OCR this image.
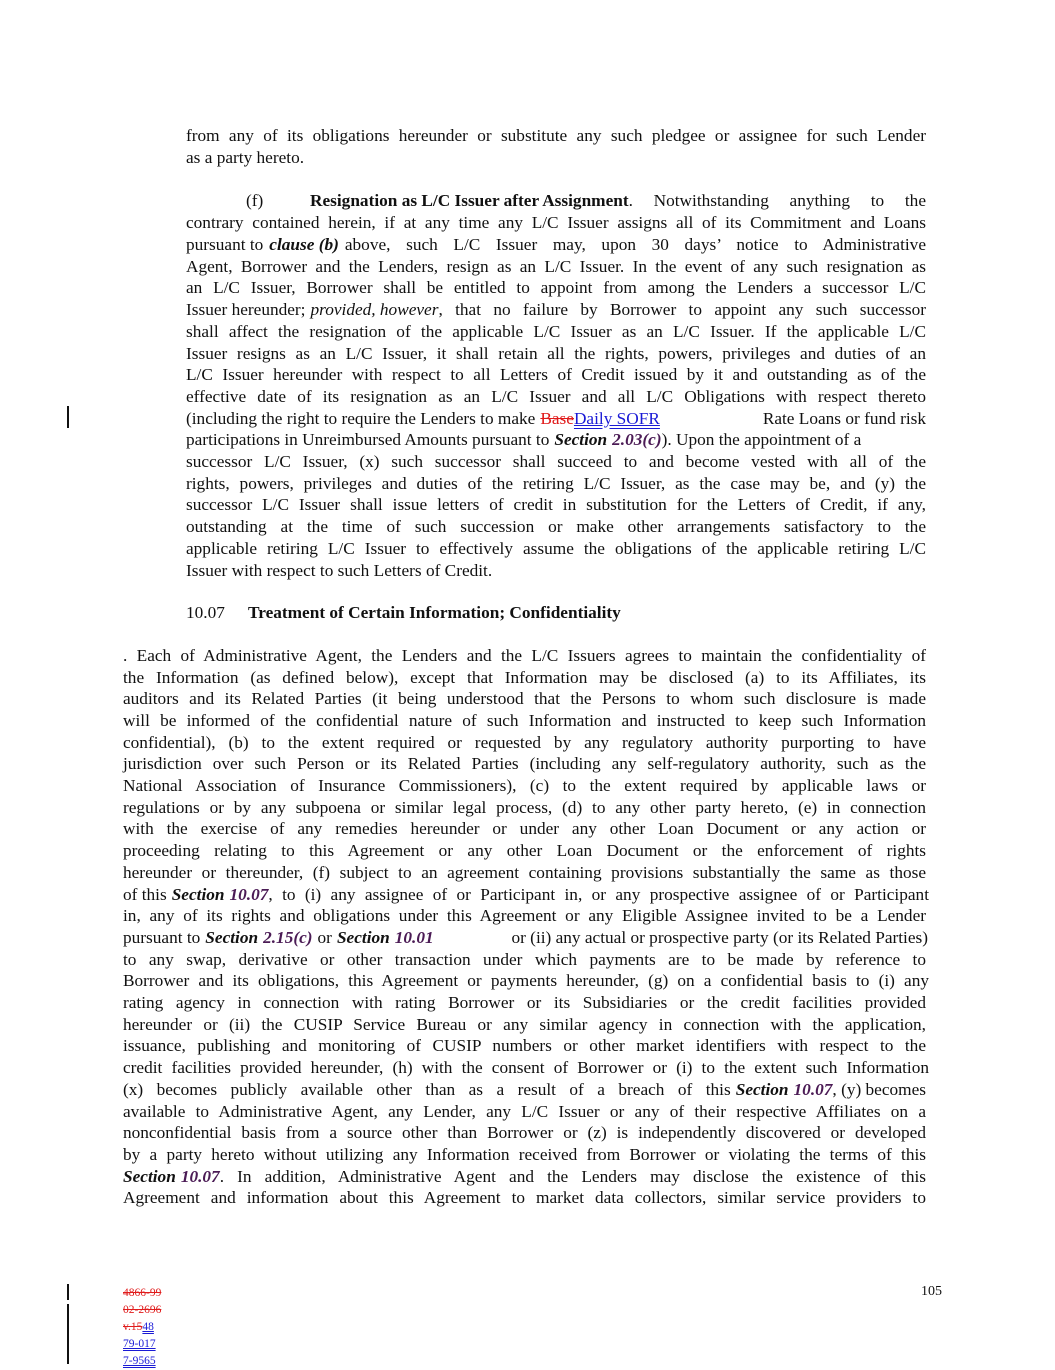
from any of its obligations hereunder or substitute any such pledgee or assignee for such Lender
as a party hereto.
(f)	Resignation as L/C Issuer after Assignment . Notwithstanding anything to the
contrary contained herein, if at any time any L/C Issuer assigns all of its Commitment and Loans
pursuant to clause (b) above, such L/C Issuer may, upon 30 days’ notice to Administrative
Agent, Borrower and the Lenders, resign as an L/C Issuer. In the event of any such resignation as
an L/C Issuer, Borrower shall be entitled to appoint from among the Lenders a successor L/C
Issuer hereunder; provided, however , that no failure by Borrower to appoint any such successor
shall affect the resignation of the applicable L/C Issuer as an L/C Issuer. If the applicable L/C
Issuer resigns as an L/C Issuer, it shall retain all the rights, powers, privileges and duties of an
L/C Issuer hereunder with respect to all Letters of Credit issued by it and outstanding as of the
effective date of its resignation as an L/C Issuer and all L/C Obligations with respect thereto
(including the right to require the Lenders to make Base Daily SOFR	Rate Loans or fund risk
participations in Unreimbursed Amounts pursuant to Section 2.03(c) ). Upon the appointment of a
successor L/C Issuer, (x) such successor shall succeed to and become vested with all of the
rights, powers, privileges and duties of the retiring L/C Issuer, as the case may be, and (y) the
successor L/C Issuer shall issue letters of credit in substitution for the Letters of Credit, if any,
outstanding at the time of such succession or make other arrangements satisfactory to the
applicable retiring L/C Issuer to effectively assume the obligations of the applicable retiring L/C
Issuer with respect to such Letters of Credit.
10.07	Treatment of Certain Information; Confidentiality
. Each of Administrative Agent, the Lenders and the L/C Issuers agrees to maintain the confidentiality of
the Information (as defined below), except that Information may be disclosed (a) to its Affiliates, its
auditors and its Related Parties (it being understood that the Persons to whom such disclosure is made
will be informed of the confidential nature of such Information and instructed to keep such Information
confidential), (b) to the extent required or requested by any regulatory authority purporting to have
jurisdiction over such Person or its Related Parties (including any self-regulatory authority, such as the
National Association of Insurance Commissioners), (c) to the extent required by applicable laws or
regulations or by any subpoena or similar legal process, (d) to any other party hereto, (e) in connection
with the exercise of any remedies hereunder or under any other Loan Document or any action or
proceeding relating to this Agreement or any other Loan Document or the enforcement of rights
hereunder or thereunder, (f) subject to an agreement containing provisions substantially the same as those
of this Section 10.07 , to (i) any assignee of or Participant in, or any prospective assignee of or Participant
in, any of its rights and obligations under this Agreement or any Eligible Assignee invited to be a Lender
pursuant to Section 2.15(c) or Section 10.01	or (ii) any actual or prospective party (or its Related Parties)
to any swap, derivative or other transaction under which payments are to be made by reference to
Borrower and its obligations, this Agreement or payments hereunder, (g) on a confidential basis to (i) any
rating agency in connection with rating Borrower or its Subsidiaries or the credit facilities provided
hereunder or (ii) the CUSIP Service Bureau or any similar agency in connection with the application,
issuance, publishing and monitoring of CUSIP numbers or other market identifiers with respect to the
credit facilities provided hereunder, (h) with the consent of Borrower or (i) to the extent such Information
(x) becomes publicly available other than as a result of a breach of this Section 10.07 , (y) becomes
available to Administrative Agent, any Lender, any L/C Issuer or any of their respective Affiliates on a
nonconfidential basis from a source other than Borrower or (z) is independently discovered or developed
by a party hereto without utilizing any Information received from Borrower or violating the terms of this
Section 10.07 . In addition, Administrative Agent and the Lenders may disclose the existence of this
Agreement and information about this Agreement to market data collectors, similar service providers to
4866-99
02-2696
v.1548
79-017
7-9565
105
